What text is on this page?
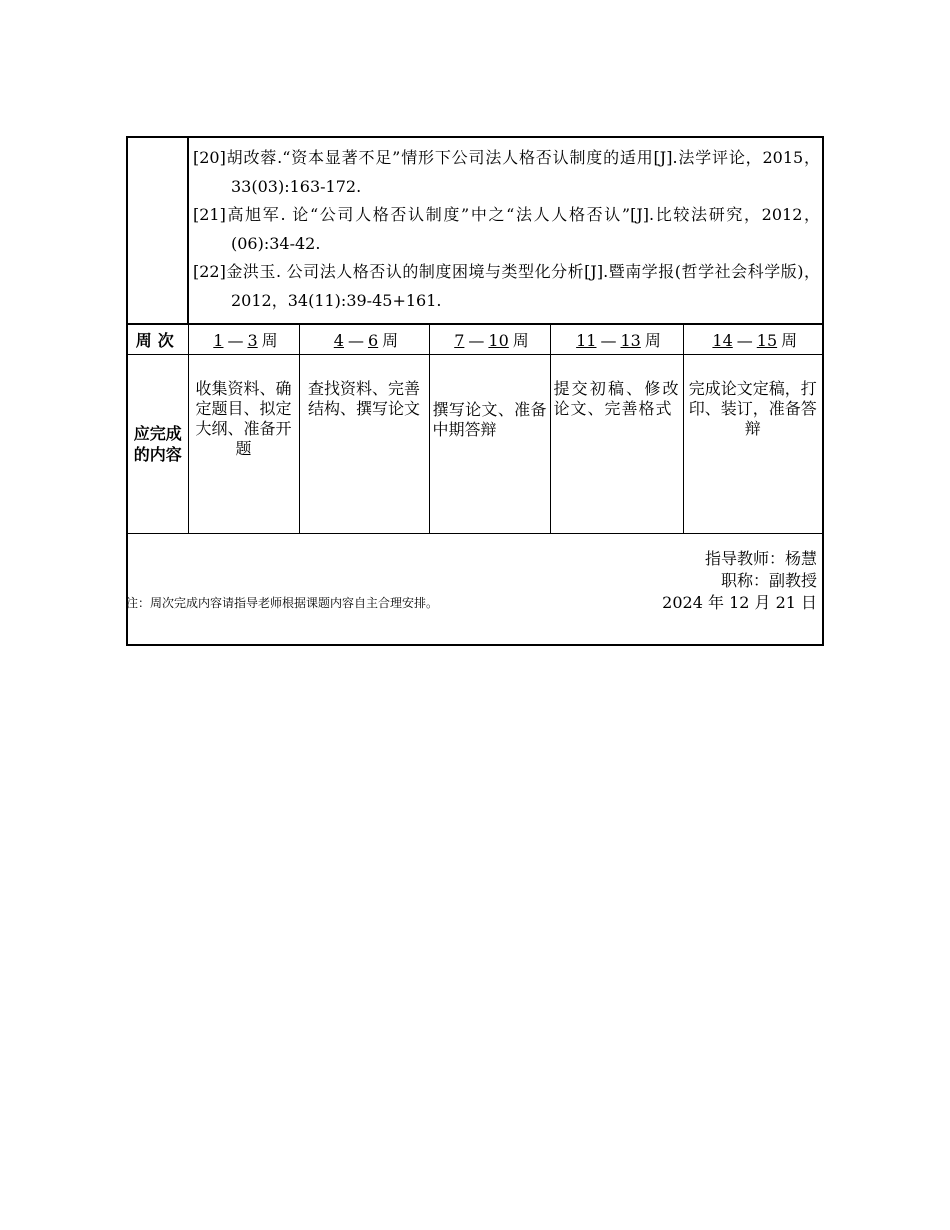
	[20]胡改蓉.“资本显著不足”情形下公司法人格否认制度的适用[J].法学评论，2015，33(03):163-172.
[21]高旭军. 论“公司人格否认制度”中之“法人人格否认”[J].比较法研究，2012，(06):34-42.
[22]金洪玉. 公司法人格否认的制度困境与类型化分析[J].暨南学报(哲学社会科学版)，2012，34(11):39-45+161.				

周次	1 — 3 周	4 — 6 周	7 — 10 周	11 — 13 周	14 — 15 周
应完成的内容	收集资料、确定题目、拟定大纲、准备开题	查找资料、完善结构、撰写论文	撰写论文、准备中期答辩	提交初稿、修改论文、完善格式	完成论文定稿，打印、装订，准备答辩

指导教师：杨慧
职称：副教授
2024 年 12 月 21 日					
注：周次完成内容请指导老师根据课题内容自主合理安排。
